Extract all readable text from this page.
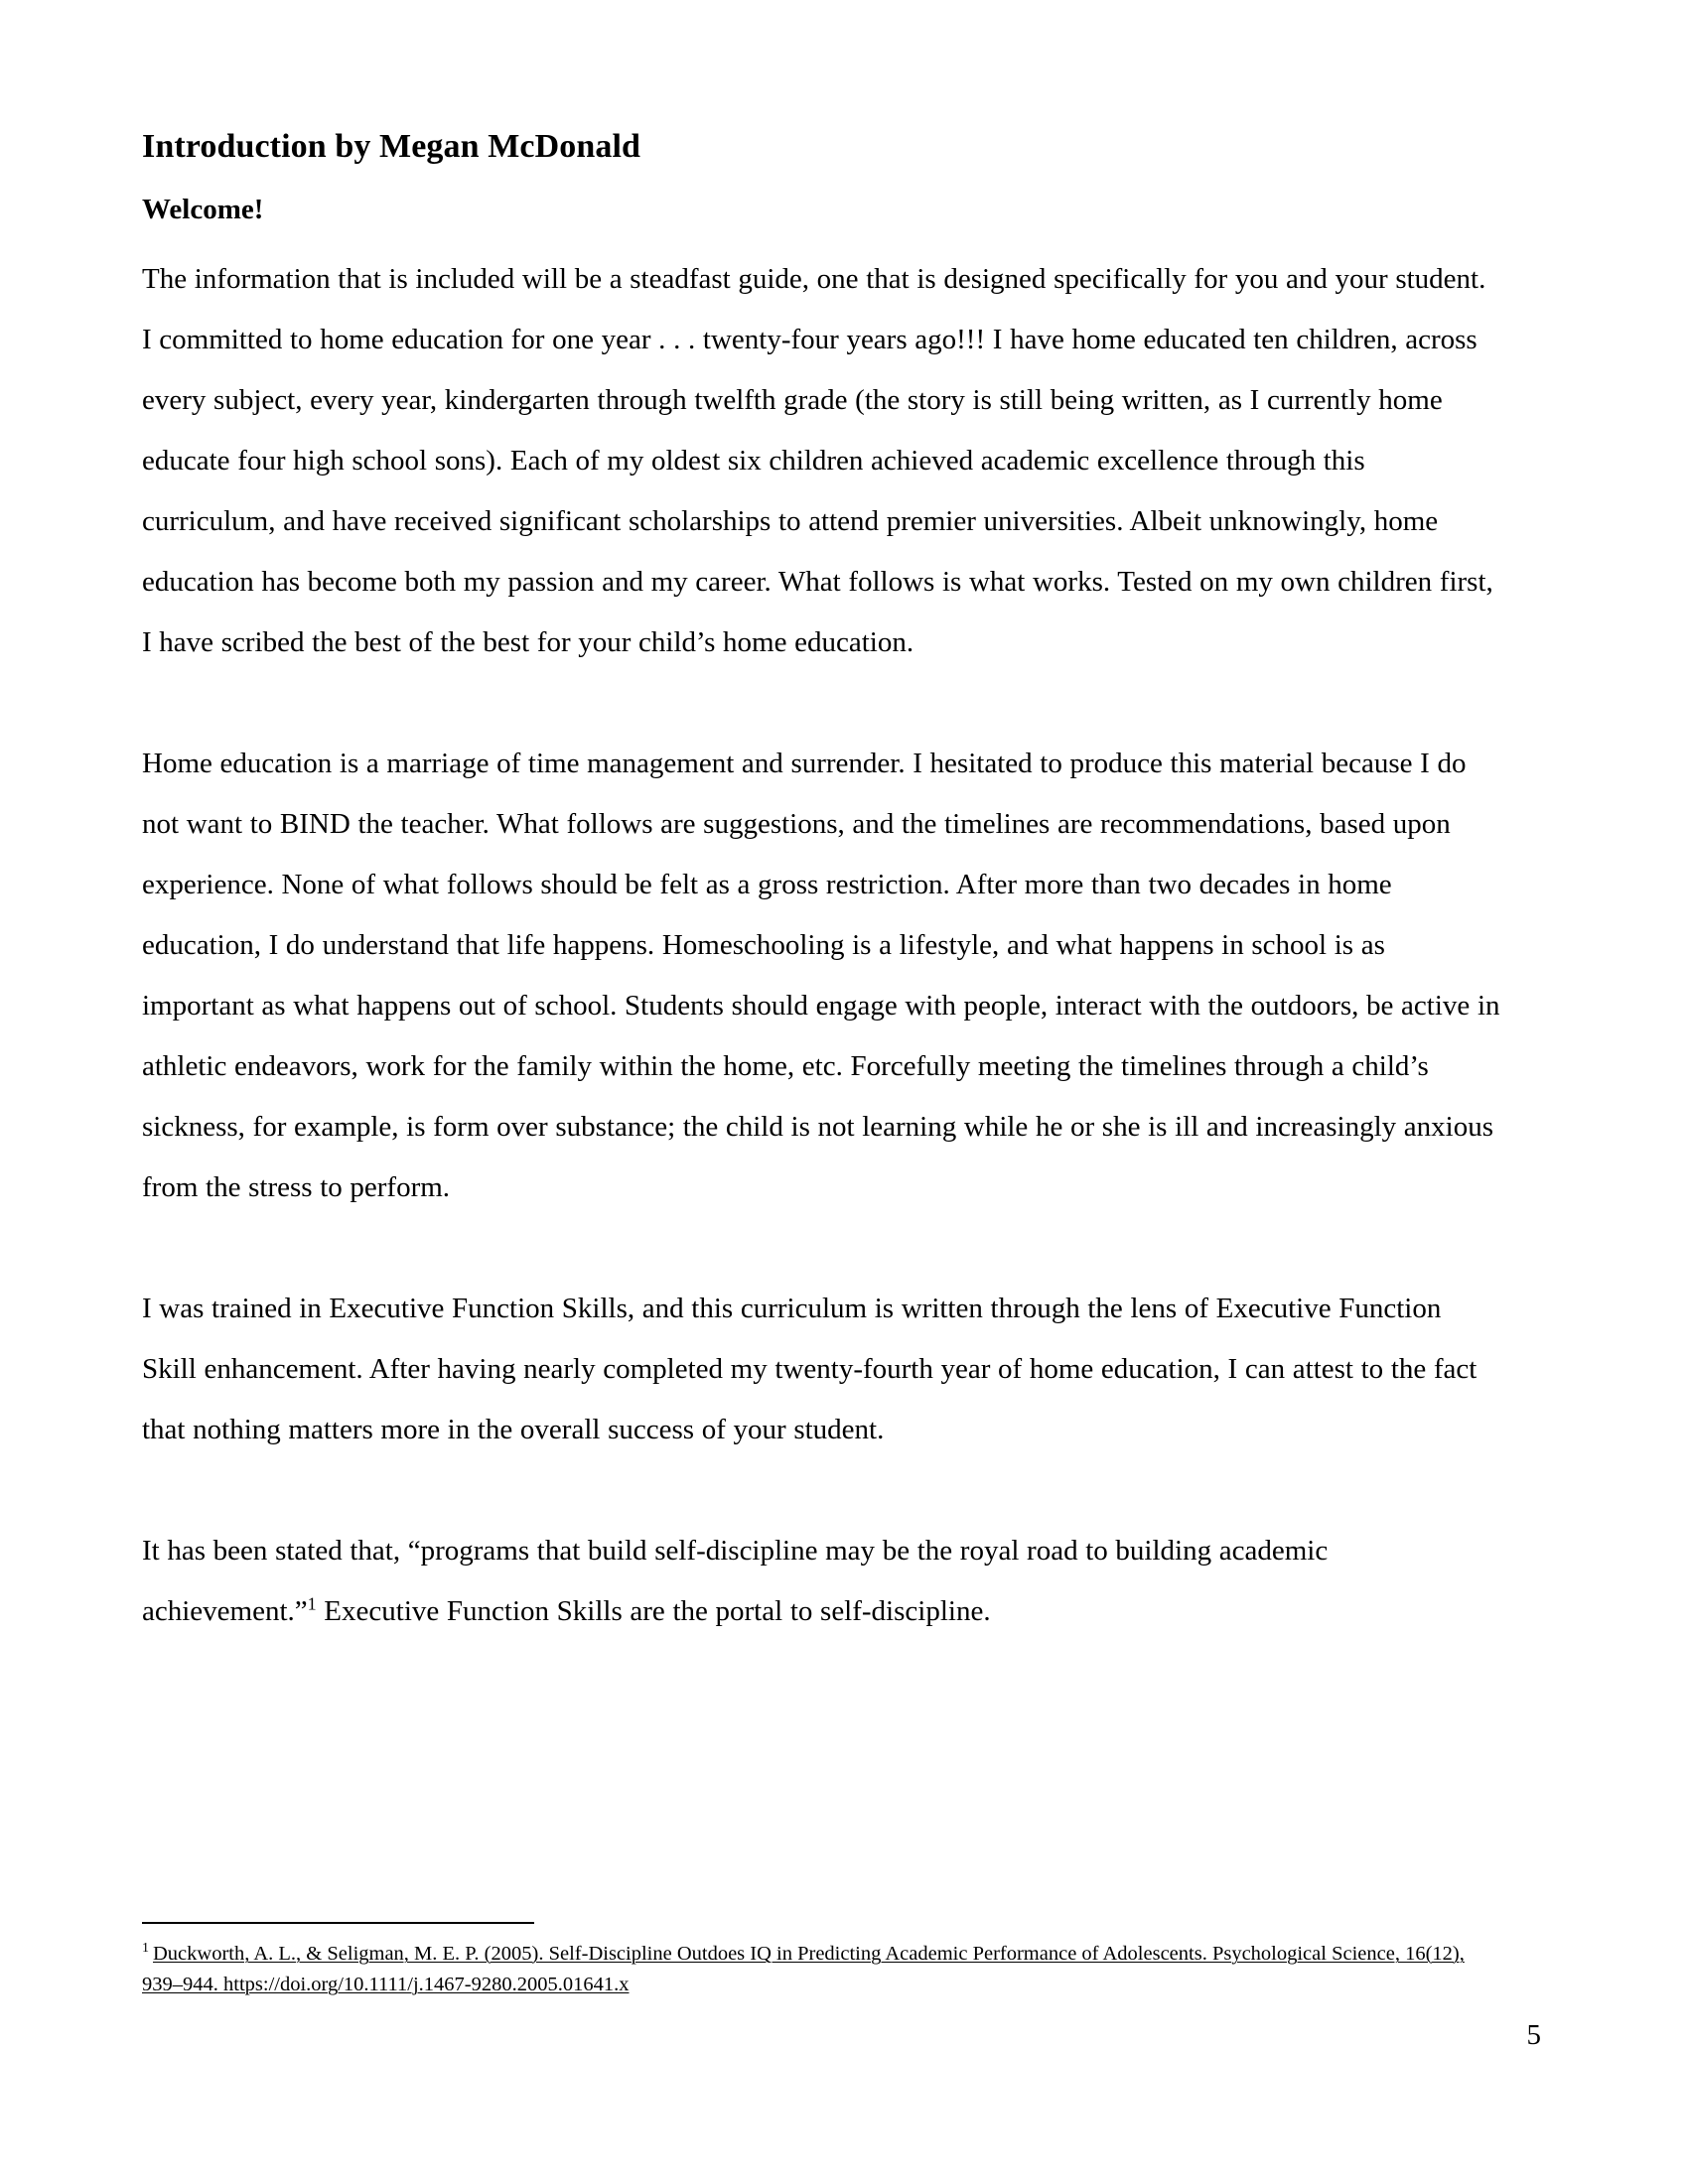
Introduction by Megan McDonald
Welcome!

The information that is included will be a steadfast guide, one that is designed specifically for you and your student. I committed to home education for one year . . . twenty-four years ago!!! I have home educated ten children, across every subject, every year, kindergarten through twelfth grade (the story is still being written, as I currently home educate four high school sons). Each of my oldest six children achieved academic excellence through this curriculum, and have received significant scholarships to attend premier universities. Albeit unknowingly, home education has become both my passion and my career. What follows is what works. Tested on my own children first, I have scribed the best of the best for your child’s home education.

Home education is a marriage of time management and surrender. I hesitated to produce this material because I do not want to BIND the teacher. What follows are suggestions, and the timelines are recommendations, based upon experience. None of what follows should be felt as a gross restriction. After more than two decades in home education, I do understand that life happens. Homeschooling is a lifestyle, and what happens in school is as important as what happens out of school. Students should engage with people, interact with the outdoors, be active in athletic endeavors, work for the family within the home, etc. Forcefully meeting the timelines through a child’s sickness, for example, is form over substance; the child is not learning while he or she is ill and increasingly anxious from the stress to perform.

I was trained in Executive Function Skills, and this curriculum is written through the lens of Executive Function Skill enhancement. After having nearly completed my twenty-fourth year of home education, I can attest to the fact that nothing matters more in the overall success of your student.

It has been stated that, “programs that build self-discipline may be the royal road to building academic achievement.”$^1$ Executive Function Skills are the portal to self-discipline.

1 Duckworth, A. L., & Seligman, M. E. P. (2005). Self-Discipline Outdoes IQ in Predicting Academic Performance of Adolescents. Psychological Science, 16(12), 939–944. https://doi.org/10.1111/j.1467-9280.2005.01641.x

5
